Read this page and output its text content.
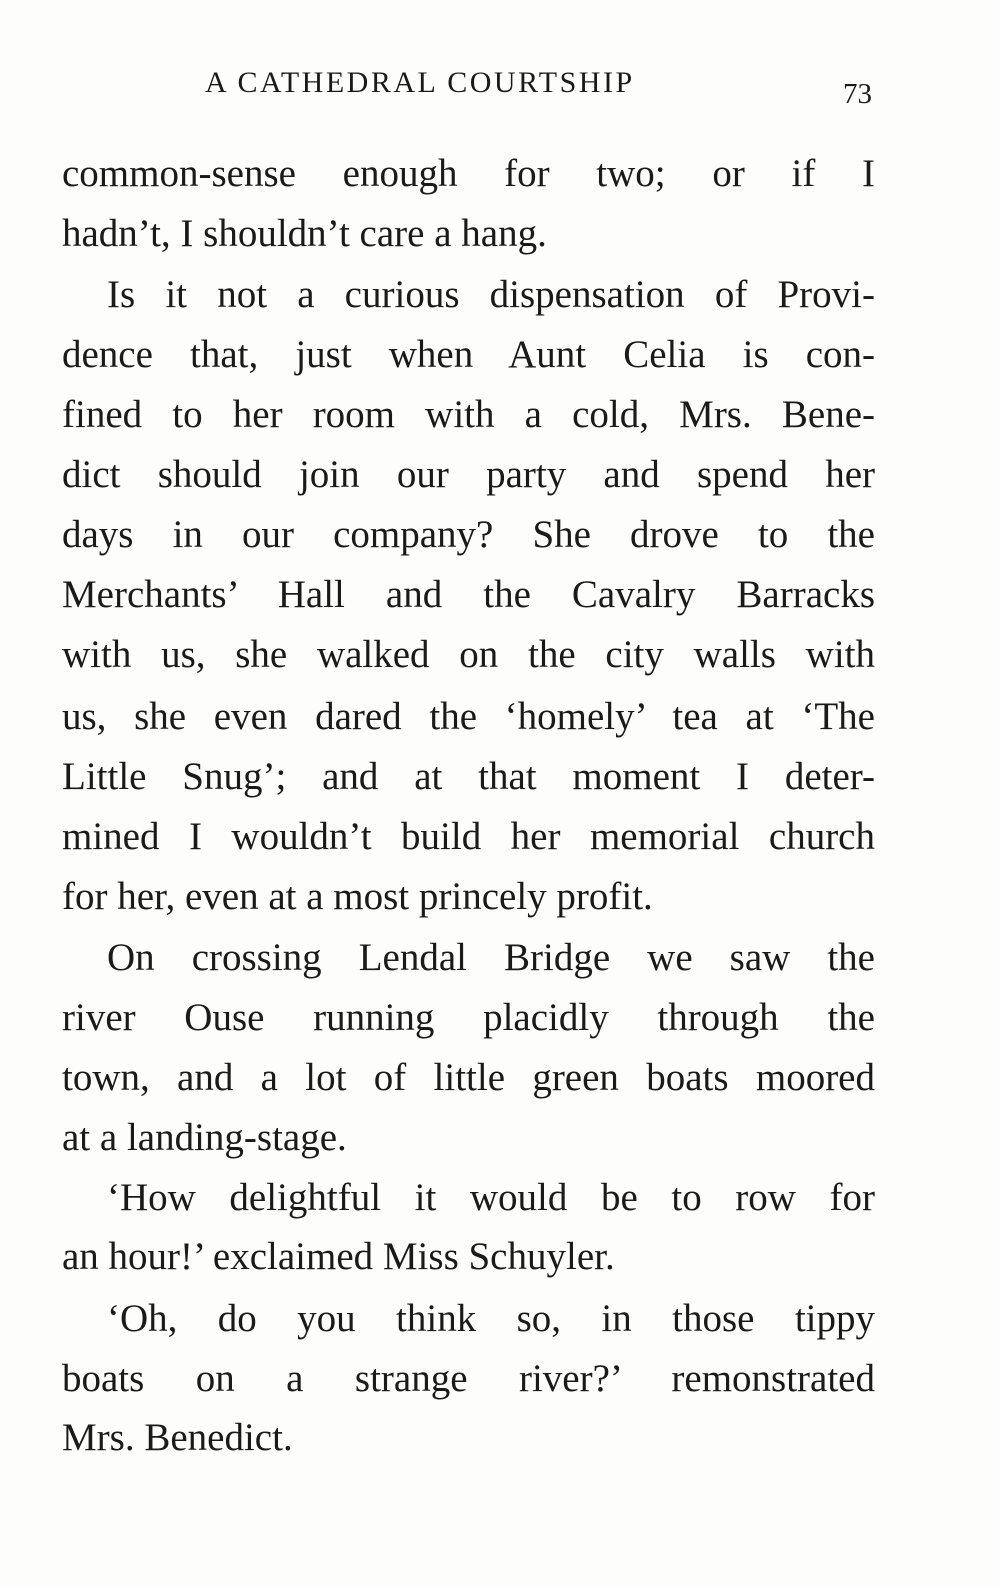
A CATHEDRAL COURTSHIP	73
common-sense enough for two; or if I
hadn’t, I shouldn’t care a hang.
Is it not a curious dispensation of Provi-
dence that, just when Aunt Celia is con-
fined to her room with a cold, Mrs. Bene-
dict should join our party and spend her
days in our company? She drove to the
Merchants’ Hall and the Cavalry Barracks
with us, she walked on the city walls with
us, she even dared the ‘homely’ tea at ‘The
Little Snug’; and at that moment I deter-
mined I wouldn’t build her memorial church
for her, even at a most princely profit.
On crossing Lendal Bridge we saw the
river Ouse running placidly through the
town, and a lot of little green boats moored
at a landing-stage.
‘How delightful it would be to row for
an hour!’ exclaimed Miss Schuyler.
‘Oh, do you think so, in those tippy
boats on a strange river?’ remonstrated
Mrs. Benedict.
